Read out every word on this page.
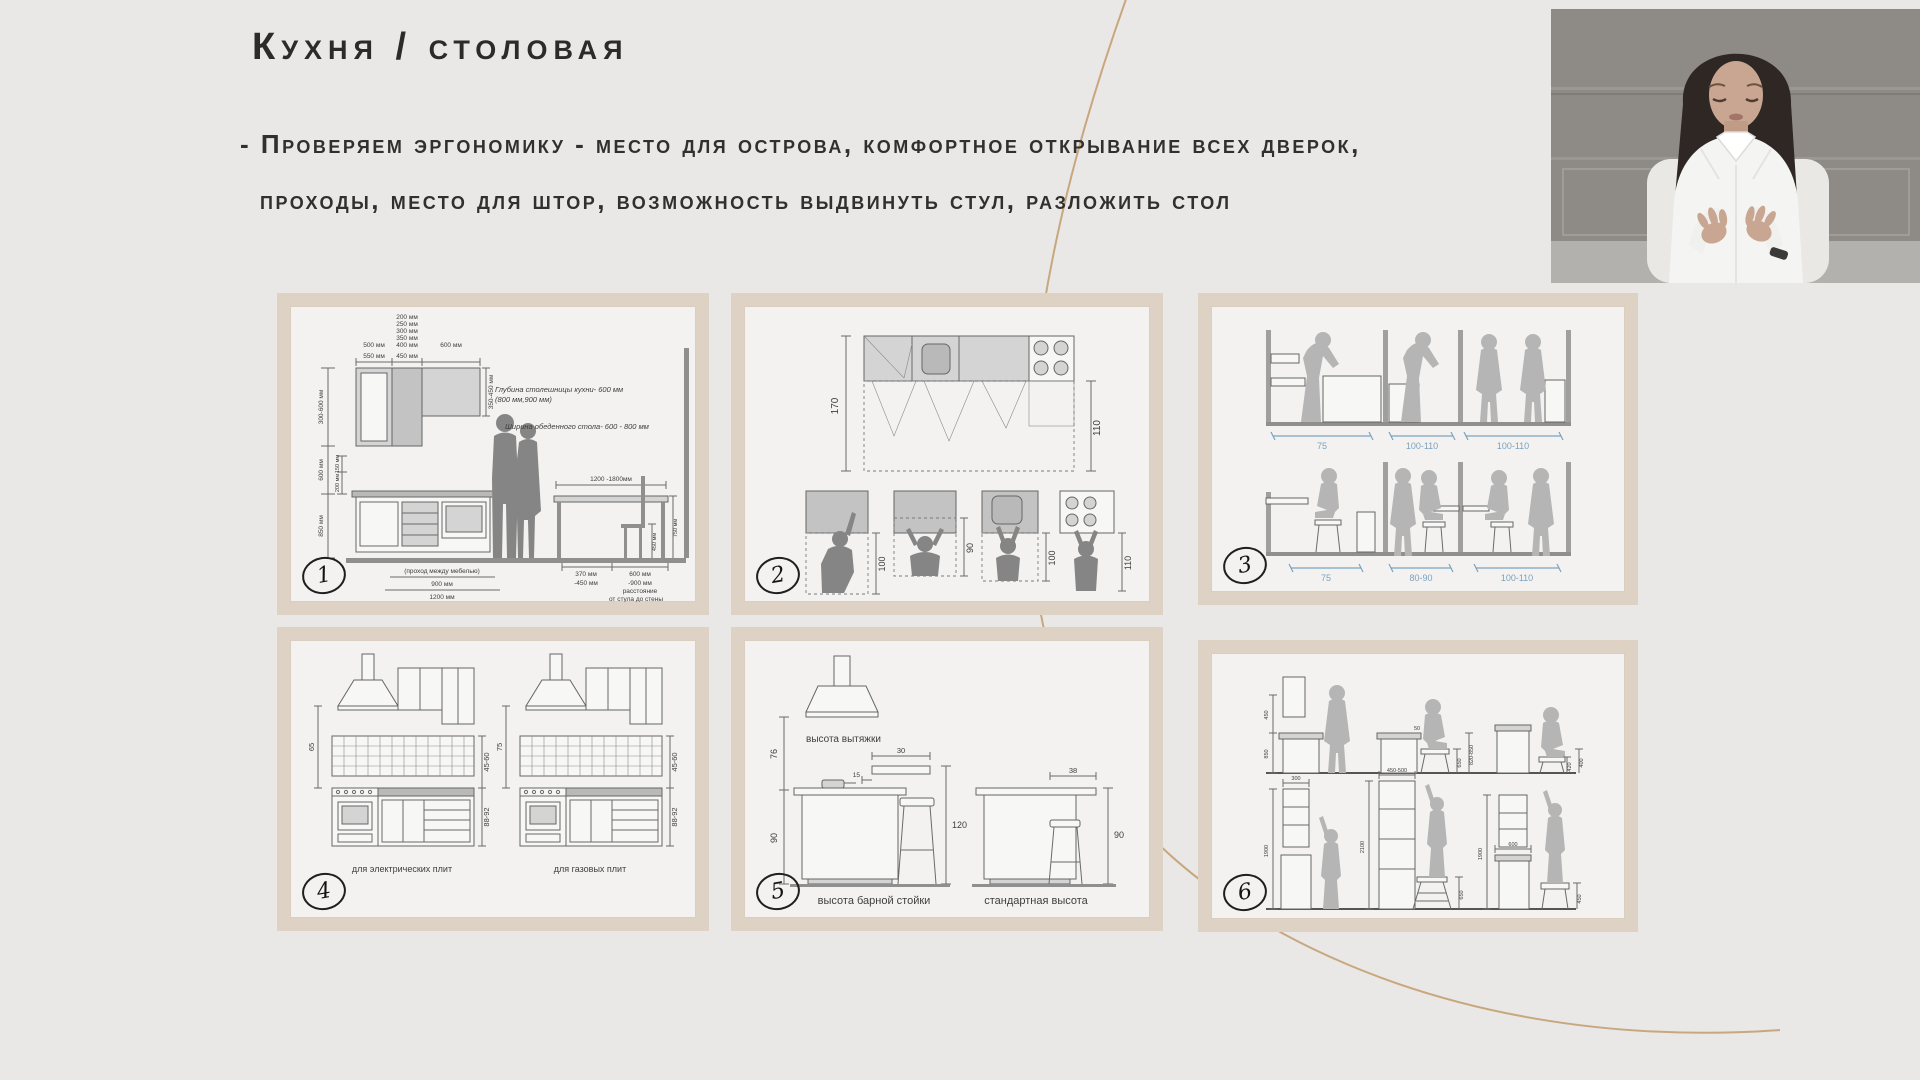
Кухня / столовая
- Проверяем эргономику - место для острова, комфортное открывание всех дверок,
проходы, место для штор, возможность выдвинуть стул, разложить стол
300-600 мм
600 мм
850 мм
150 мм
200 мм
200 мм
250 мм
300 мм
350 мм
400 мм
450 мм
500 мм
550 мм
600 мм
350-450 мм Глубина столешницы кухни- 600 мм
(800 мм,900 мм)
Ширина обеденного стола- 600 - 800 мм
1200 -1800мм
450 мм
750 мм
(проход между мебелью)
900 мм
1200 мм
370 мм	600 мм
-450 мм	-900 мм
расстояние
от стула до стены
1
170
110
100
90
100	110
2
75	100-110	100-110
75	80-90	100-110
3
65
45-60
88-92
для электрических плит
75
45-60
88-92
для газовых плит
4
высота вытяжки
76
90
30
15
120
высота барной стойки
38
90
стандартная высота
5
450
850
50
650 820-850
420 400
300
1900
450-500
2100
650
1900
600
450
6
